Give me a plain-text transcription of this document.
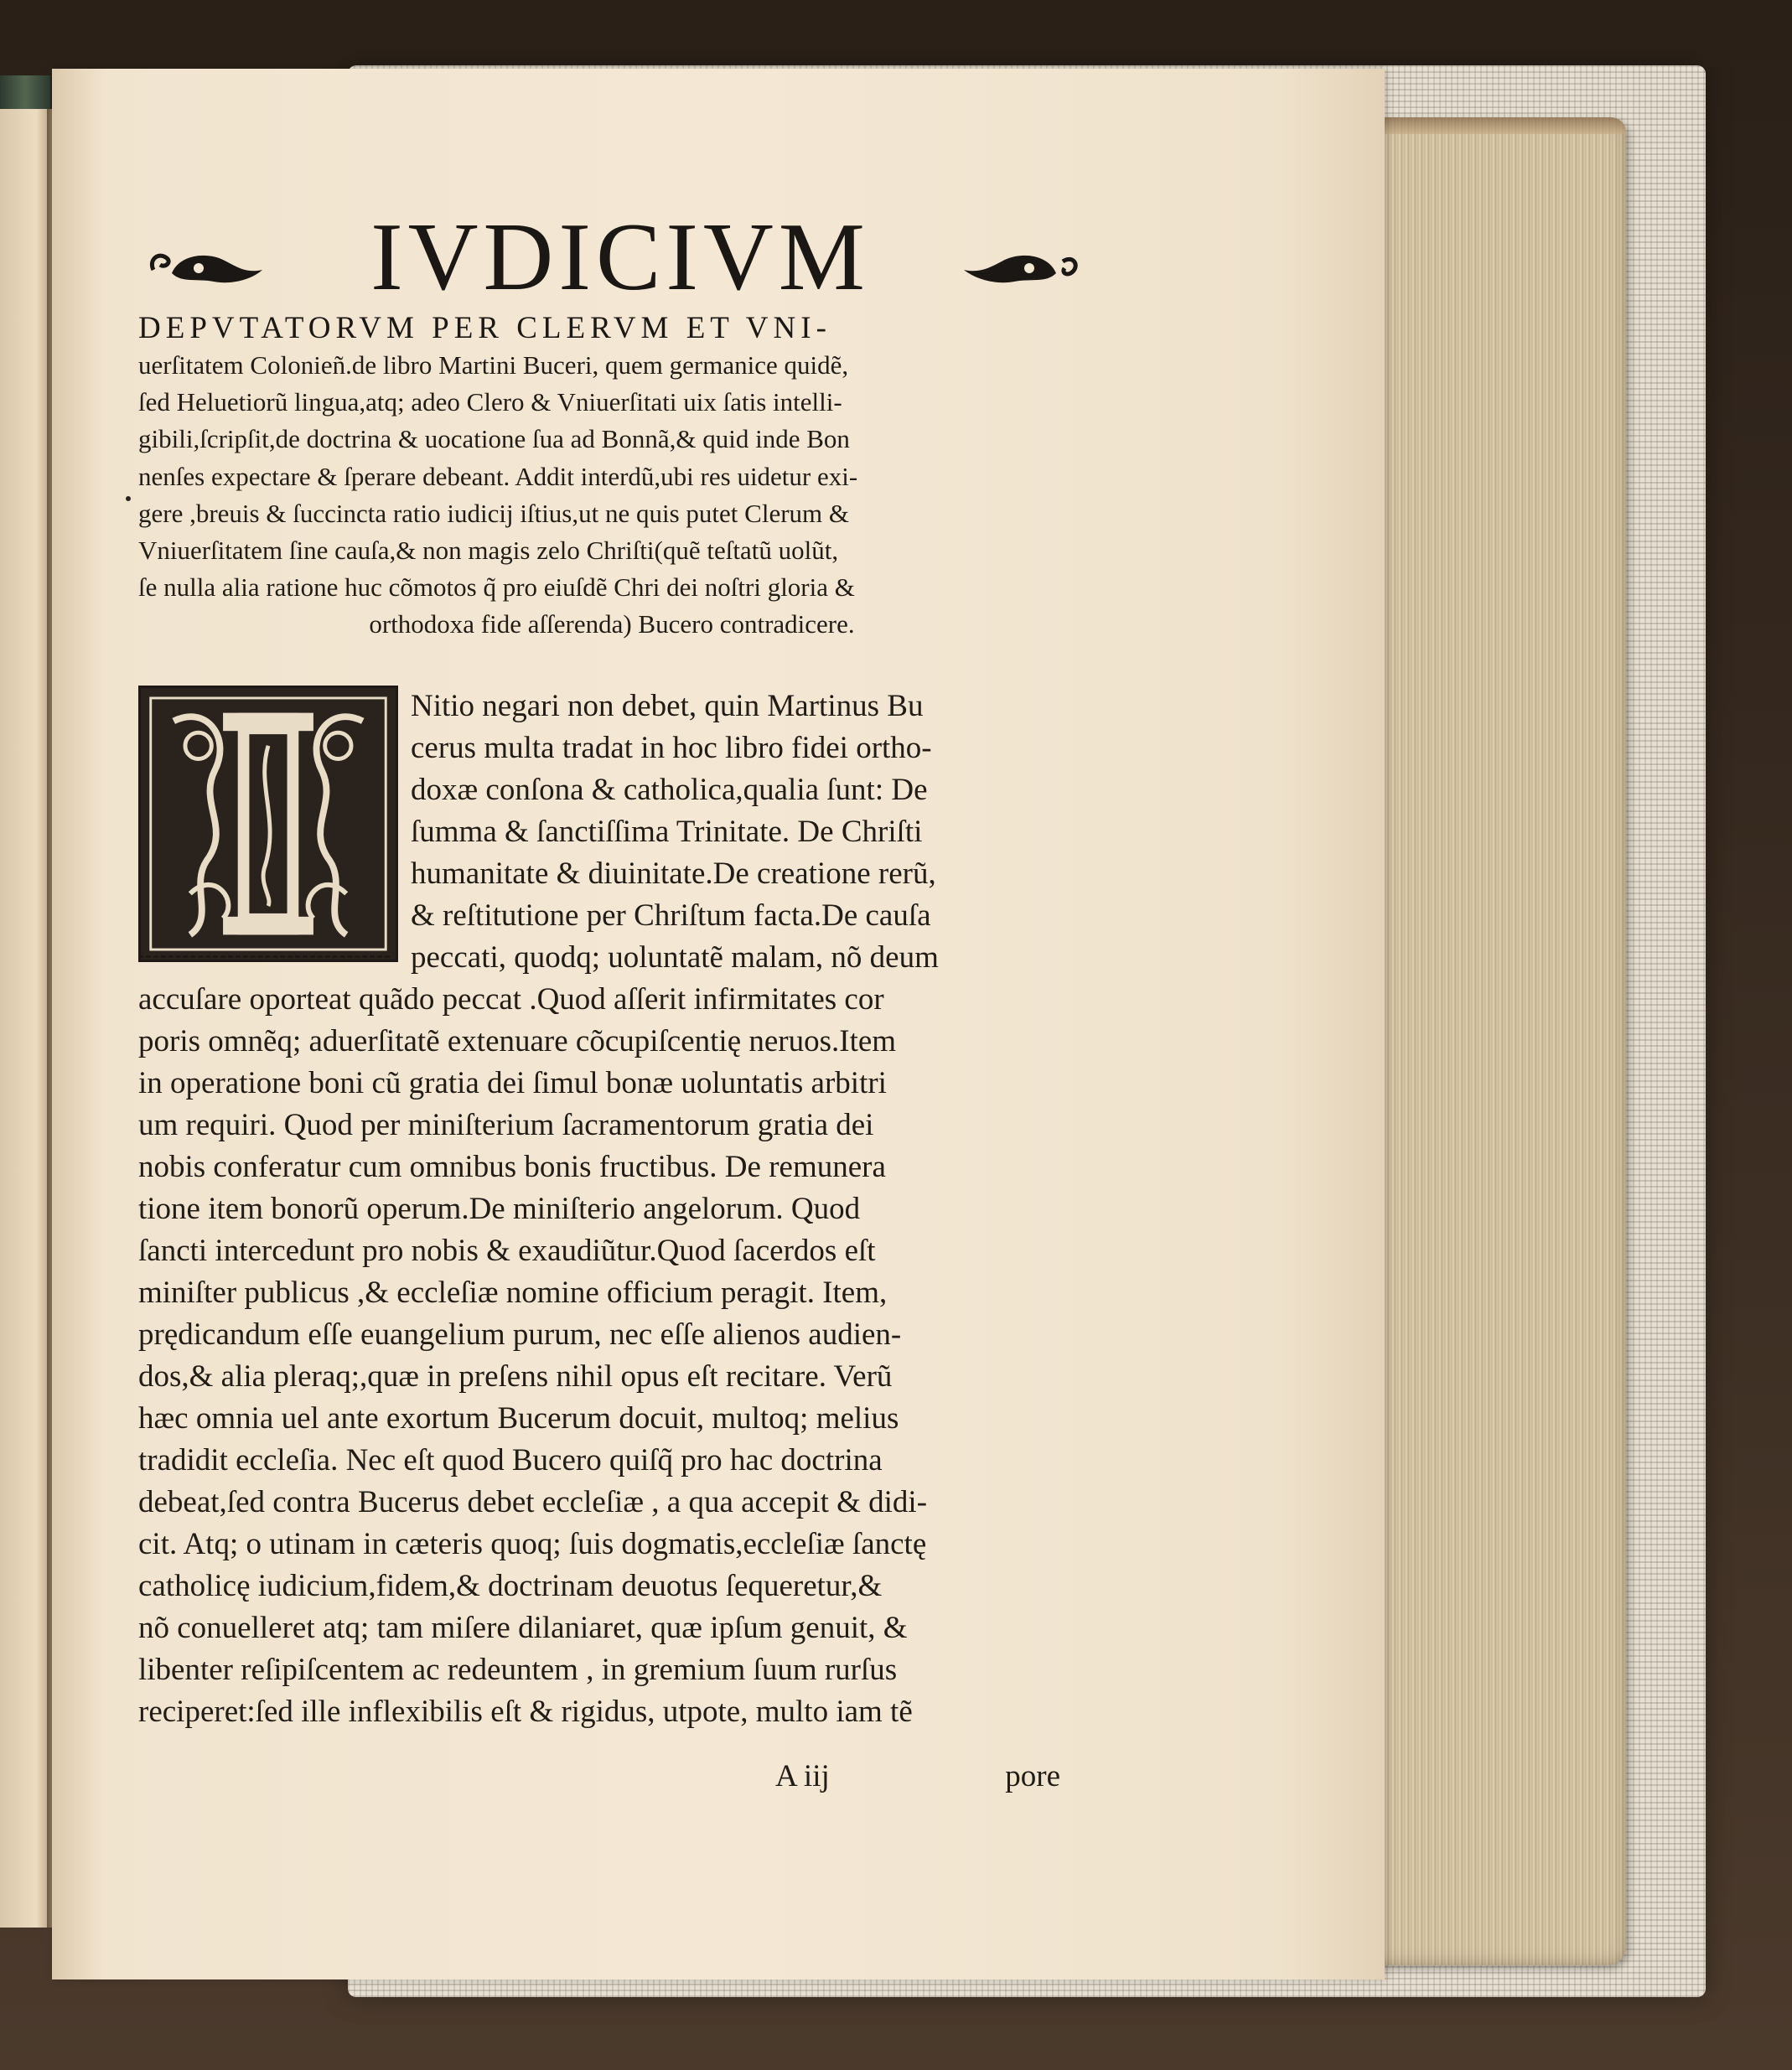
IVDICIVM
DEPVTATORVM PER CLERVM ET VNI-
uerſitatem Colonieñ.de libro Martini Buceri, quem germanice quidẽ,
ſed Heluetiorũ lingua,atq; adeo Clero & Vniuerſitati uix ſatis intelli-
gibili,ſcripſit,de doctrina & uocatione ſua ad Bonnã,& quid inde Bon
nenſes expectare & ſperare debeant. Addit interdũ,ubi res uidetur exi-
gere ,breuis & ſuccincta ratio iudicij iſtius,ut ne quis putet Clerum &
Vniuerſitatem ſine cauſa,& non magis zelo Chriſti(quẽ teſtatũ uolũt,
ſe nulla alia ratione huc cõmotos q̃ pro eiuſdẽ Chri dei noſtri gloria &
orthodoxa fide aſſerenda) Bucero contradicere.
Nitio negari non debet, quin Martinus Bu
cerus multa tradat in hoc libro fidei ortho-
doxæ conſona & catholica,qualia ſunt: De
ſumma & ſanctiſſima Trinitate. De Chriſti
humanitate & diuinitate.De creatione rerũ,
& reſtitutione per Chriſtum facta.De cauſa
peccati, quodq; uoluntatẽ malam, nõ deum
accuſare oporteat quãdo peccat .Quod aſſerit infirmitates cor
poris omnẽq; aduerſitatẽ extenuare cõcupiſcentię neruos.Item
in operatione boni cũ gratia dei ſimul bonæ uoluntatis arbitri
um requiri. Quod per miniſterium ſacramentorum gratia dei
nobis conferatur cum omnibus bonis fructibus. De remunera
tione item bonorũ operum.De miniſterio angelorum. Quod
ſancti intercedunt pro nobis & exaudiũtur.Quod ſacerdos eſt
miniſter publicus ,& eccleſiæ nomine officium peragit. Item,
prędicandum eſſe euangelium purum, nec eſſe alienos audien-
dos,& alia pleraq;,quæ in preſens nihil opus eſt recitare. Verũ
hæc omnia uel ante exortum Bucerum docuit, multoq; melius
tradidit eccleſia. Nec eſt quod Bucero quiſq̃ pro hac doctrina
debeat,ſed contra Bucerus debet eccleſiæ , a qua accepit & didi-
cit. Atq; o utinam in cæteris quoq; ſuis dogmatis,eccleſiæ ſanctę
catholicę iudicium,fidem,& doctrinam deuotus ſequeretur,&
nõ conuelleret atq; tam miſere dilaniaret, quæ ipſum genuit, &
libenter reſipiſcentem ac redeuntem , in gremium ſuum rurſus
reciperet:ſed ille inflexibilis eſt & rigidus, utpote, multo iam tẽ
A iij	pore
